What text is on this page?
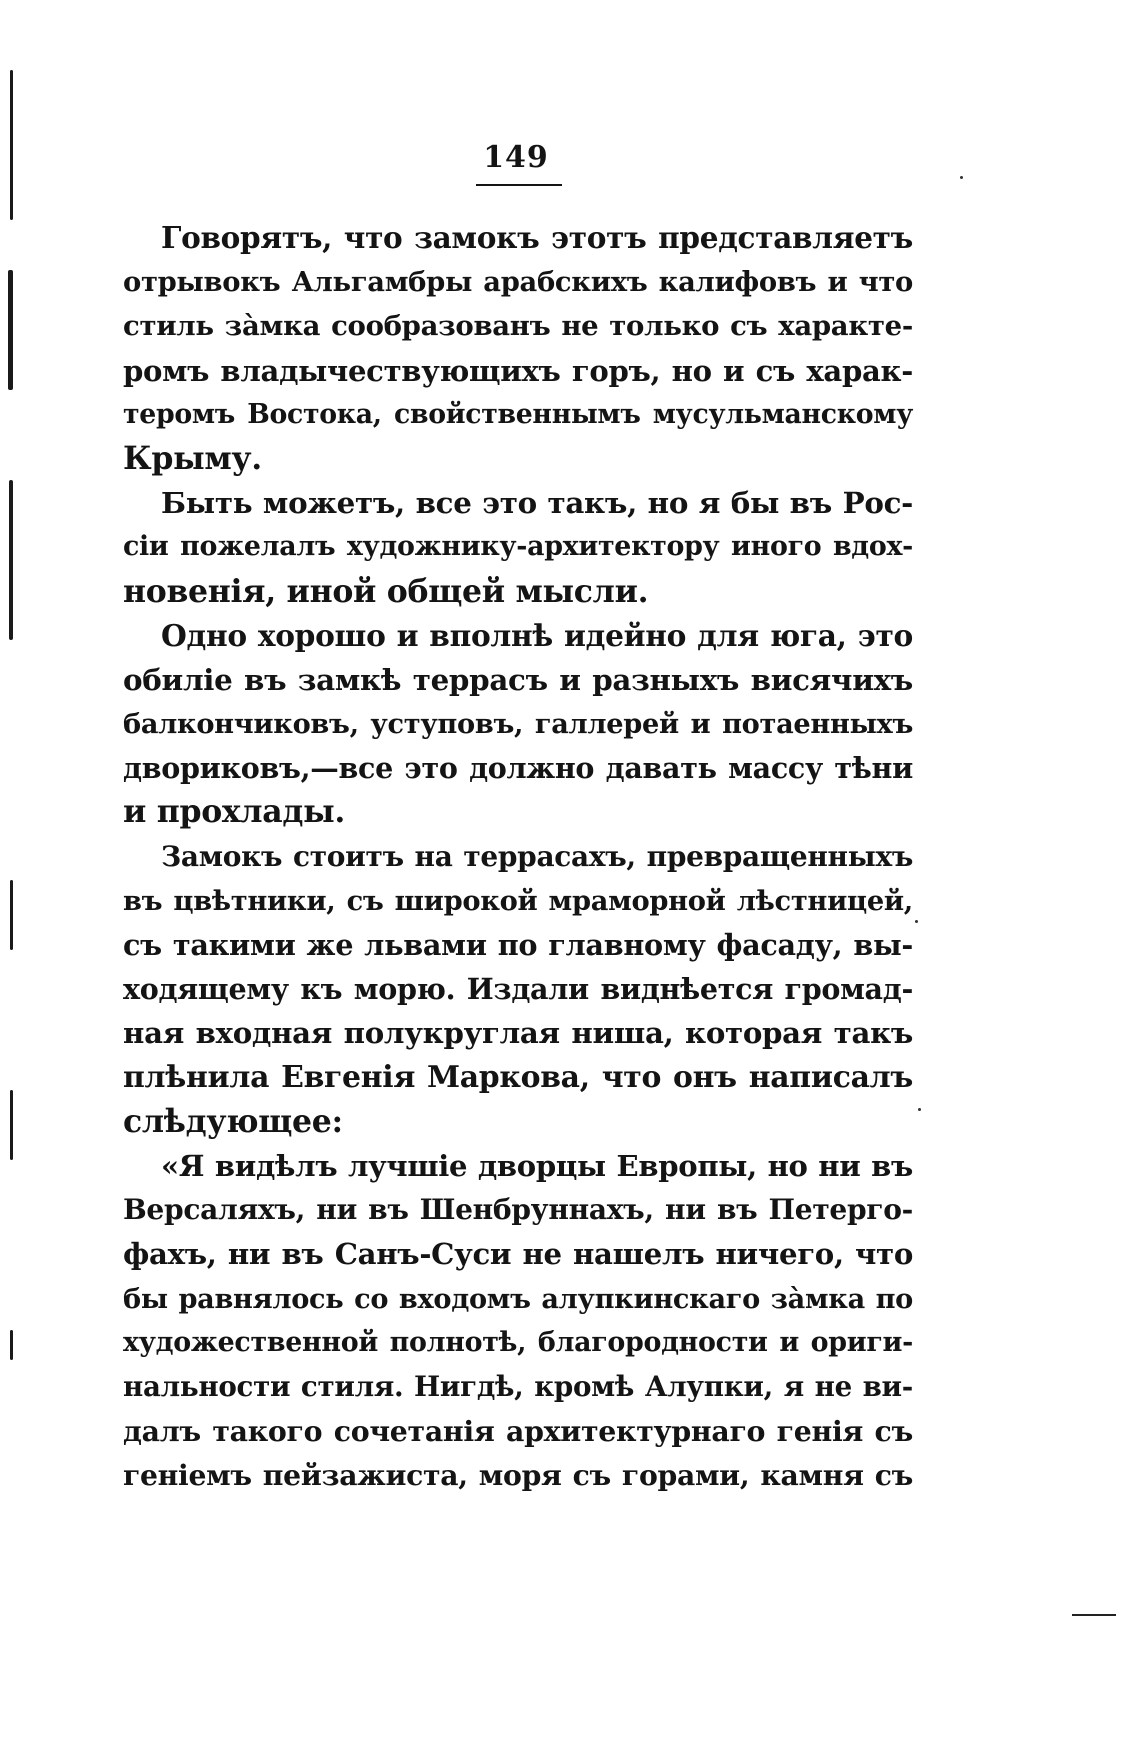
149
Говорятъ, что замокъ этотъ представляетъ
отрывокъ Альгамбры арабскихъ калифовъ и что
стиль за̀мка сообразованъ не только съ характе-
ромъ владычествующихъ горъ, но и съ харак-
теромъ Востока, свойственнымъ мусульманскому
Крыму.
Быть можетъ, все это такъ, но я бы въ Рос-
сіи пожелалъ художнику-архитектору иного вдох-
новенія, иной общей мысли.
Одно хорошо и вполнѣ идейно для юга, это
обиліе въ замкѣ террасъ и разныхъ висячихъ
балкончиковъ, уступовъ, галлерей и потаенныхъ
двориковъ,—все это должно давать массу тѣни
и прохлады.
Замокъ стоитъ на террасахъ, превращенныхъ
въ цвѣтники, съ широкой мраморной лѣстницей,
съ такими же львами по главному фасаду, вы-
ходящему къ морю. Издали виднѣется громад-
ная входная полукруглая ниша, которая такъ
плѣнила Евгенія Маркова, что онъ написалъ
слѣдующее:
«Я видѣлъ лучшіе дворцы Европы, но ни въ
Версаляхъ, ни въ Шенбруннахъ, ни въ Петерго-
фахъ, ни въ Санъ-Суси не нашелъ ничего, что
бы равнялось со входомъ алупкинскаго за̀мка по
художественной полнотѣ, благородности и ориги-
нальности стиля. Нигдѣ, кромѣ Алупки, я не ви-
далъ такого сочетанія архитектурнаго генія съ
геніемъ пейзажиста, моря съ горами, камня съ
